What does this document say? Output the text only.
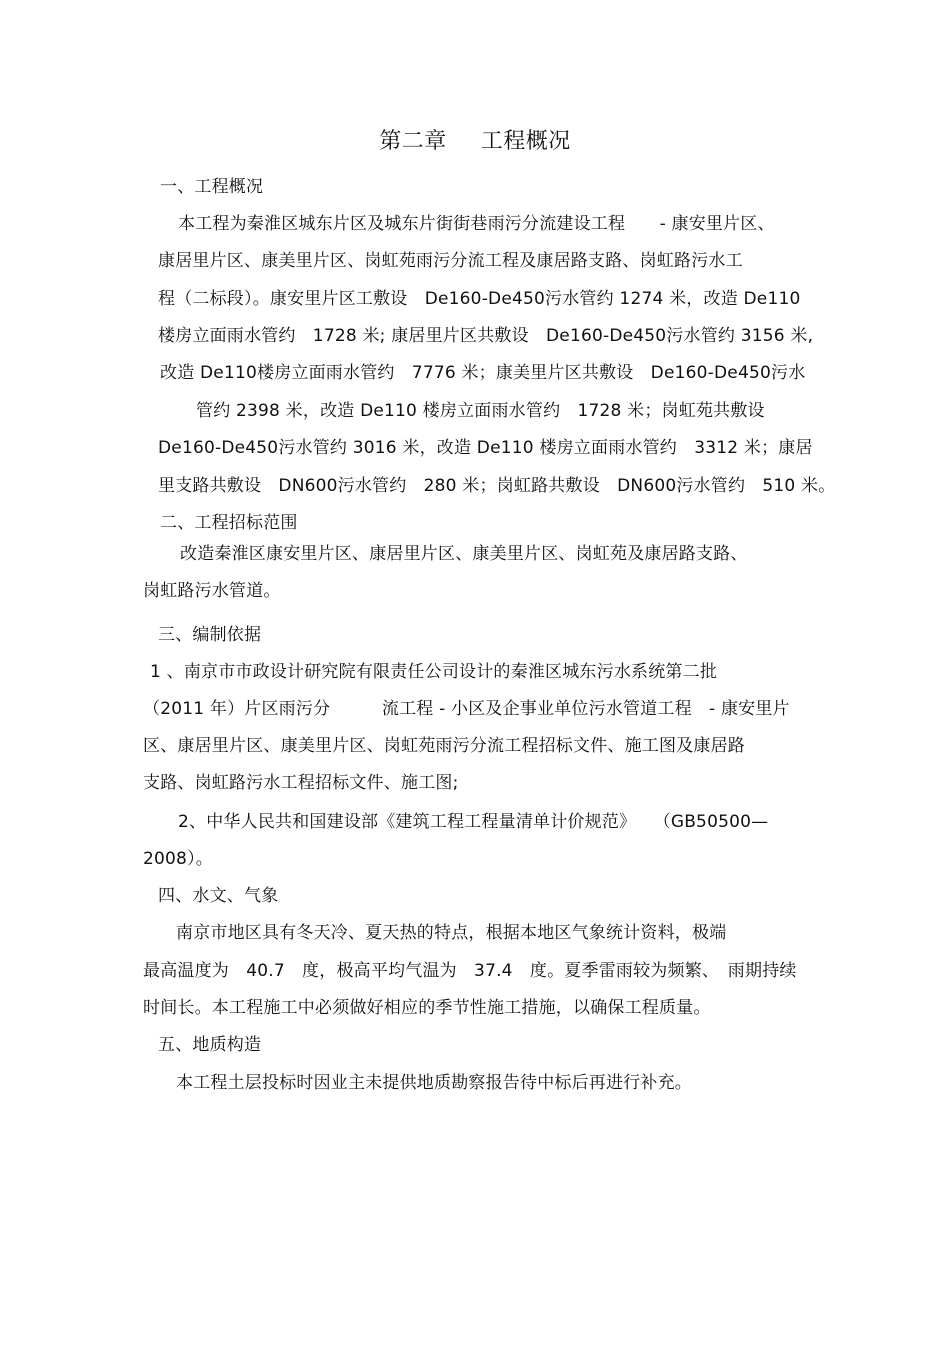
第二章 工程概况
一、工程概况
本工程为秦淮区城东片区及城东片街街巷雨污分流建设工程　　- 康安里片区、
康居里片区、康美里片区、岗虹苑雨污分流工程及康居路支路、岗虹路污水工
程（二标段）。康安里片区工敷设　De160-De450污水管约 1274 米，改造 De110
楼房立面雨水管约　1728 米; 康居里片区共敷设　De160-De450污水管约 3156 米,
改造 De110楼房立面雨水管约　7776 米；康美里片区共敷设　De160-De450污水
管约 2398 米，改造 De110 楼房立面雨水管约　1728 米；岗虹苑共敷设
De160-De450污水管约 3016 米，改造 De110 楼房立面雨水管约　3312 米；康居
里支路共敷设　DN600污水管约　280 米；岗虹路共敷设　DN600污水管约　510 米。
二、工程招标范围
改造秦淮区康安里片区、康居里片区、康美里片区、岗虹苑及康居路支路、
岗虹路污水管道。
三、编制依据
1 、南京市市政设计研究院有限责任公司设计的秦淮区城东污水系统第二批
（2011 年）片区雨污分　　　流工程 - 小区及企事业单位污水管道工程　- 康安里片
区、康居里片区、康美里片区、岗虹苑雨污分流工程招标文件、施工图及康居路
支路、岗虹路污水工程招标文件、施工图;
2、中华人民共和国建设部《建筑工程工程量清单计价规范》　　（GB50500—
2008）。
四、水文、气象
南京市地区具有冬天冷、夏天热的特点，根据本地区气象统计资料，极端
最高温度为　40.7　度，极高平均气温为　37.4　度。夏季雷雨较为频繁、　雨期持续
时间长。本工程施工中必须做好相应的季节性施工措施，以确保工程质量。
五、地质构造
本工程土层投标时因业主未提供地质勘察报告待中标后再进行补充。
